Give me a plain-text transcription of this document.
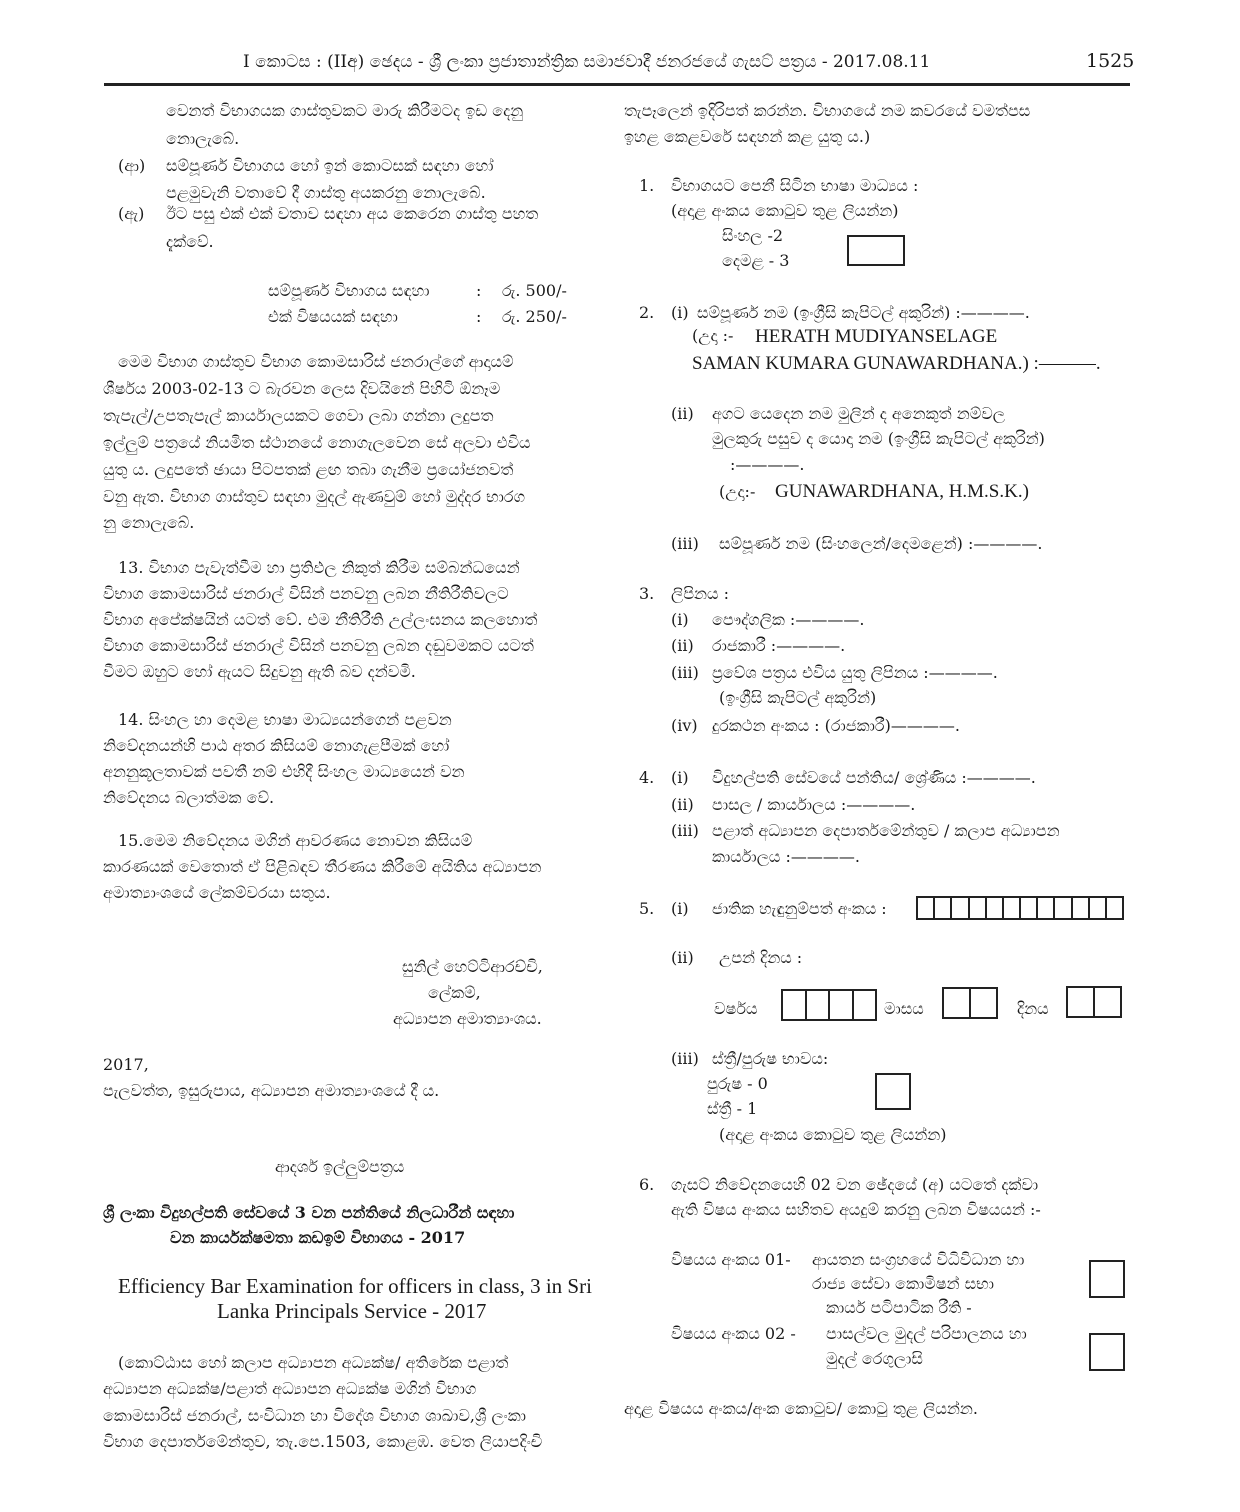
I කොටස : (IIඅ) ඡෙදය - ශ්‍රී ලංකා ප්‍රජාතාන්ත්‍රික සමාජවාදී ජනරජයේ ගැසට් පත්‍රය - 2017.08.11	1525
වෙනත් විභාගයක ගාස්තුවකට මාරු කිරීමටද ඉඩ දෙනු
නොලැබේ.
(ආ) සම්පූර්ණ විභාගය හෝ ඉන් කොටසක් සඳහා හෝ
පළමුවැනි වතාවේ දී ගාස්තු අයකරනු නොලැබේ.
(ඇ) ඊට පසු එක් එක් වතාව සඳහා අය කෙරෙන ගාස්තු පහත
දැක්වේ.
සම්පූර්ණ විභාගය සඳහා	: රු. 500/-
එක් විෂයයක් සඳහා	: රු. 250/-
මෙම විභාග ගාස්තුව විභාග කොමසාරිස් ජනරාල්ගේ ආදායම්
ශීර්ෂය 2003-02-13 ට බැරවන ලෙස දිවයිනේ පිහිටි ඕනෑම
තැපැල්/උපතැපැල් කාර්යාලයකට ගෙවා ලබා ගන්නා ලදුපත
ඉල්ලුම් පත්‍රයේ නියමිත ස්ථානයේ නොගැලවෙන සේ අලවා එවිය
යුතු ය. ලදුපතේ ඡායා පිටපතක් ළඟ තබා ගැනීම ප්‍රයෝජනවත්
වනු ඇත. විභාග ගාස්තුව සඳහා මුදල් ඇණවුම් හෝ මුද්දර භාරග
නු නොලැබේ.
13. විභාග පැවැත්වීම හා ප්‍රතිඵල නිකුත් කිරීම සම්බන්ධයෙන්
විභාග කොමසාරිස් ජනරාල් විසින් පනවනු ලබන නීතිරීතිවලට
විභාග අපේක්ෂයින් යටත් වේ. එම නීතිරීති උල්ලංඝනය කලහොත්
විභාග කොමසාරිස් ජනරාල් විසින් පනවනු ලබන දඬුවමකට යටත්
වීමට ඔහුට හෝ ඇයට සිදුවනු ඇති බව දන්වමි.
14. සිංහල හා දෙමළ භාෂා මාධ්‍යයන්ගෙන් පළවන
නිවේදනයන්හි පාඨ අතර කිසියම් නොගැළපීමක් හෝ
අනනුකූලතාවක් පවතී නම් එහිදී සිංහල මාධ්‍යයෙන් වන
නිවේදනය බලාත්මක වේ.
15.මෙම නිවේදනය මගින් ආවරණය නොවන කිසියම්
කාරණයක් වෙතොත් ඒ පිළිබඳව තීරණය කිරීමේ අයිතිය අධ්‍යාපන
අමාත්‍යාංශයේ ලේකම්වරයා සතුය.
සුනිල් හෙට්ටිආරච්චි,
ලේකම්,
අධ්‍යාපන අමාත්‍යාංශය.
2017,
පැලවත්ත, ඉසුරුපාය, අධ්‍යාපන අමාත්‍යාංශයේ දී ය.
ආදර්ශ ඉල්ලුම්පත්‍රය
ශ්‍රී ලංකා විදුහල්පති සේවයේ 3 වන පන්තියේ නිලධාරීන් සඳහා
වන කාර්යක්ෂමතා කඩඉම් විභාගය - 2017
Efficiency Bar Examination for officers in class, 3 in Sri
Lanka Principals Service - 2017
(කොට්ඨාස හෝ කලාප අධ්‍යාපන අධ්‍යක්ෂ/ අතිරේක පළාත්
අධ්‍යාපන අධ්‍යක්ෂ/පළාත් අධ්‍යාපන අධ්‍යක්ෂ මගින් විභාග
කොමසාරිස් ජනරාල්, සංවිධාන හා විදේශ විභාග ශාඛාව,ශ්‍රී ලංකා
විභාග දෙපාර්තමේන්තුව, තැ.පෙ.1503, කොළඹ. වෙත ලියාපදිංචි
තැපෑලෙන් ඉදිරිපත් කරන්න. විභාගයේ නම කවරයේ වමත්පස
ඉහළ කෙළවරේ සඳහන් කළ යුතු ය.)
1. විභාගයට පෙනී සිටින භාෂා මාධ්‍යය :
(අදාළ අංකය කොටුව තුළ ලියන්න)
සිංහල -2
දෙමළ - 3
2. (i) සම්පූර්ණ නම (ඉංග්‍රීසි කැපිටල් අකුරින්) :————.
(උදා :- HERATH MUDIYANSELAGE
SAMAN KUMARA GUNAWARDHANA.) :———.
(ii) අගට යෙදෙන නම මුලින් ද අනෙකුත් නම්වල
මුලකුරු පසුව ද යොදා නම (ඉංග්‍රීසි කැපිටල් අකුරින්)
:————.
(උදා:- GUNAWARDHANA, H.M.S.K.)
(iii) සම්පූර්ණ නම (සිංහලෙන්/දෙමළෙන්) :————.
3. ලිපිනය :
(i) පෞද්ගලික :————.
(ii) රාජකාරී :————.
(iii) ප්‍රවේශ පත්‍රය එවිය යුතු ලිපිනය :————.
(ඉංග්‍රීසි කැපිටල් අකුරින්)
(iv) දුරකථන අංකය : (රාජකාරී)————.
4. (i) විදුහල්පති සේවයේ පන්තිය/ ශ්‍රේණිය :————.
(ii) පාසල / කාර්යාලය :————.
(iii) පළාත් අධ්‍යාපන දෙපාර්තමේන්තුව / කලාප අධ්‍යාපන
කාර්යාලය :————.
5. (i) ජාතික හැඳුනුම්පත් අංකය :
(ii) උපන් දිනය :
වර්ෂය	මාසය	දිනය
(iii) ස්ත්‍රී/පුරුෂ භාවය:
පුරුෂ - 0
ස්ත්‍රී - 1
(අදාළ අංකය කොටුව තුළ ලියන්න)
6. ගැසට් නිවේදනයෙහි 02 වන ඡේදයේ (අ) යටතේ දක්වා
ඇති විෂය අංකය සහිතව අයදුම් කරනු ලබන විෂයයන් :-
විෂයය අංකය 01- ආයතන සංග්‍රහයේ විධිවිධාන හා
රාජ්‍ය සේවා කොමිෂන් සභා
කාර්ය පටිපාටික රීති -
විෂයය අංකය 02 - පාසල්වල මුදල් පරිපාලනය හා
මුදල් රෙගුලාසි
අදාළ විෂයය අංකය/අංක කොටුව/ කොටු තුළ ලියන්න.
